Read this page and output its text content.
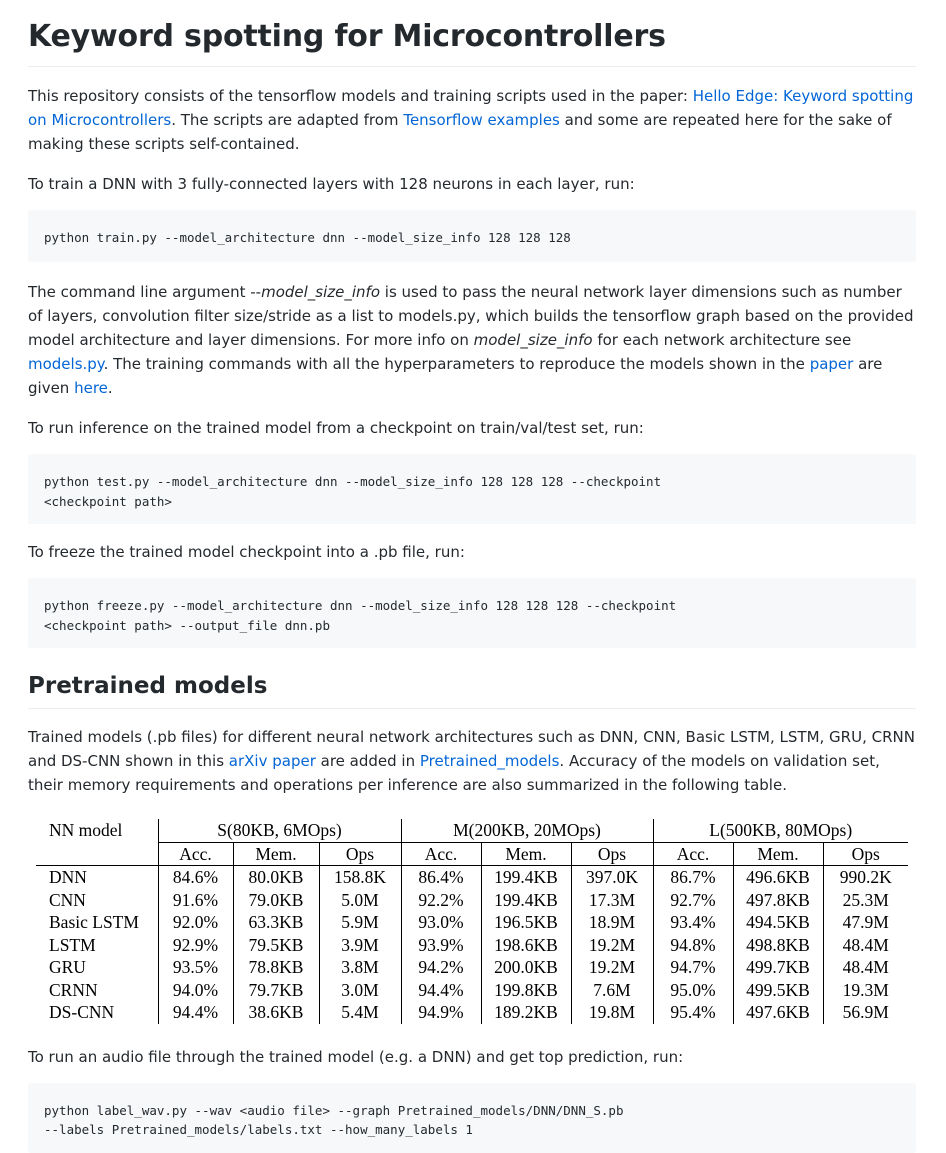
Keyword spotting for Microcontrollers

This repository consists of the tensorflow models and training scripts used in the paper: Hello Edge: Keyword spotting on Microcontrollers. The scripts are adapted from Tensorflow examples and some are repeated here for the sake of making these scripts self-contained.

To train a DNN with 3 fully-connected layers with 128 neurons in each layer, run:

python train.py --model_architecture dnn --model_size_info 128 128 128

The command line argument --model_size_info is used to pass the neural network layer dimensions such as number of layers, convolution filter size/stride as a list to models.py, which builds the tensorflow graph based on the provided model architecture and layer dimensions. For more info on model_size_info for each network architecture see models.py. The training commands with all the hyperparameters to reproduce the models shown in the paper are given here.

To run inference on the trained model from a checkpoint on train/val/test set, run:

python test.py --model_architecture dnn --model_size_info 128 128 128 --checkpoint
<checkpoint path>

To freeze the trained model checkpoint into a .pb file, run:

python freeze.py --model_architecture dnn --model_size_info 128 128 128 --checkpoint
<checkpoint path> --output_file dnn.pb
Pretrained models

Trained models (.pb files) for different neural network architectures such as DNN, CNN, Basic LSTM, LSTM, GRU, CRNN and DS-CNN shown in this arXiv paper are added in Pretrained_models. Accuracy of the models on validation set, their memory requirements and operations per inference are also summarized in the following table.

NN model	S(80KB, 6MOps)			M(200KB, 20MOps)			L(500KB, 80MOps)		
	Acc.	Mem.	Ops	Acc.	Mem.	Ops	Acc.	Mem.	Ops
DNN	84.6%	80.0KB	158.8K	86.4%	199.4KB	397.0K	86.7%	496.6KB	990.2K
CNN	91.6%	79.0KB	5.0M	92.2%	199.4KB	17.3M	92.7%	497.8KB	25.3M
Basic LSTM	92.0%	63.3KB	5.9M	93.0%	196.5KB	18.9M	93.4%	494.5KB	47.9M
LSTM	92.9%	79.5KB	3.9M	93.9%	198.6KB	19.2M	94.8%	498.8KB	48.4M
GRU	93.5%	78.8KB	3.8M	94.2%	200.0KB	19.2M	94.7%	499.7KB	48.4M
CRNN	94.0%	79.7KB	3.0M	94.4%	199.8KB	7.6M	95.0%	499.5KB	19.3M
DS-CNN	94.4%	38.6KB	5.4M	94.9%	189.2KB	19.8M	95.4%	497.6KB	56.9M

To run an audio file through the trained model (e.g. a DNN) and get top prediction, run:

python label_wav.py --wav <audio file> --graph Pretrained_models/DNN/DNN_S.pb
--labels Pretrained_models/labels.txt --how_many_labels 1
